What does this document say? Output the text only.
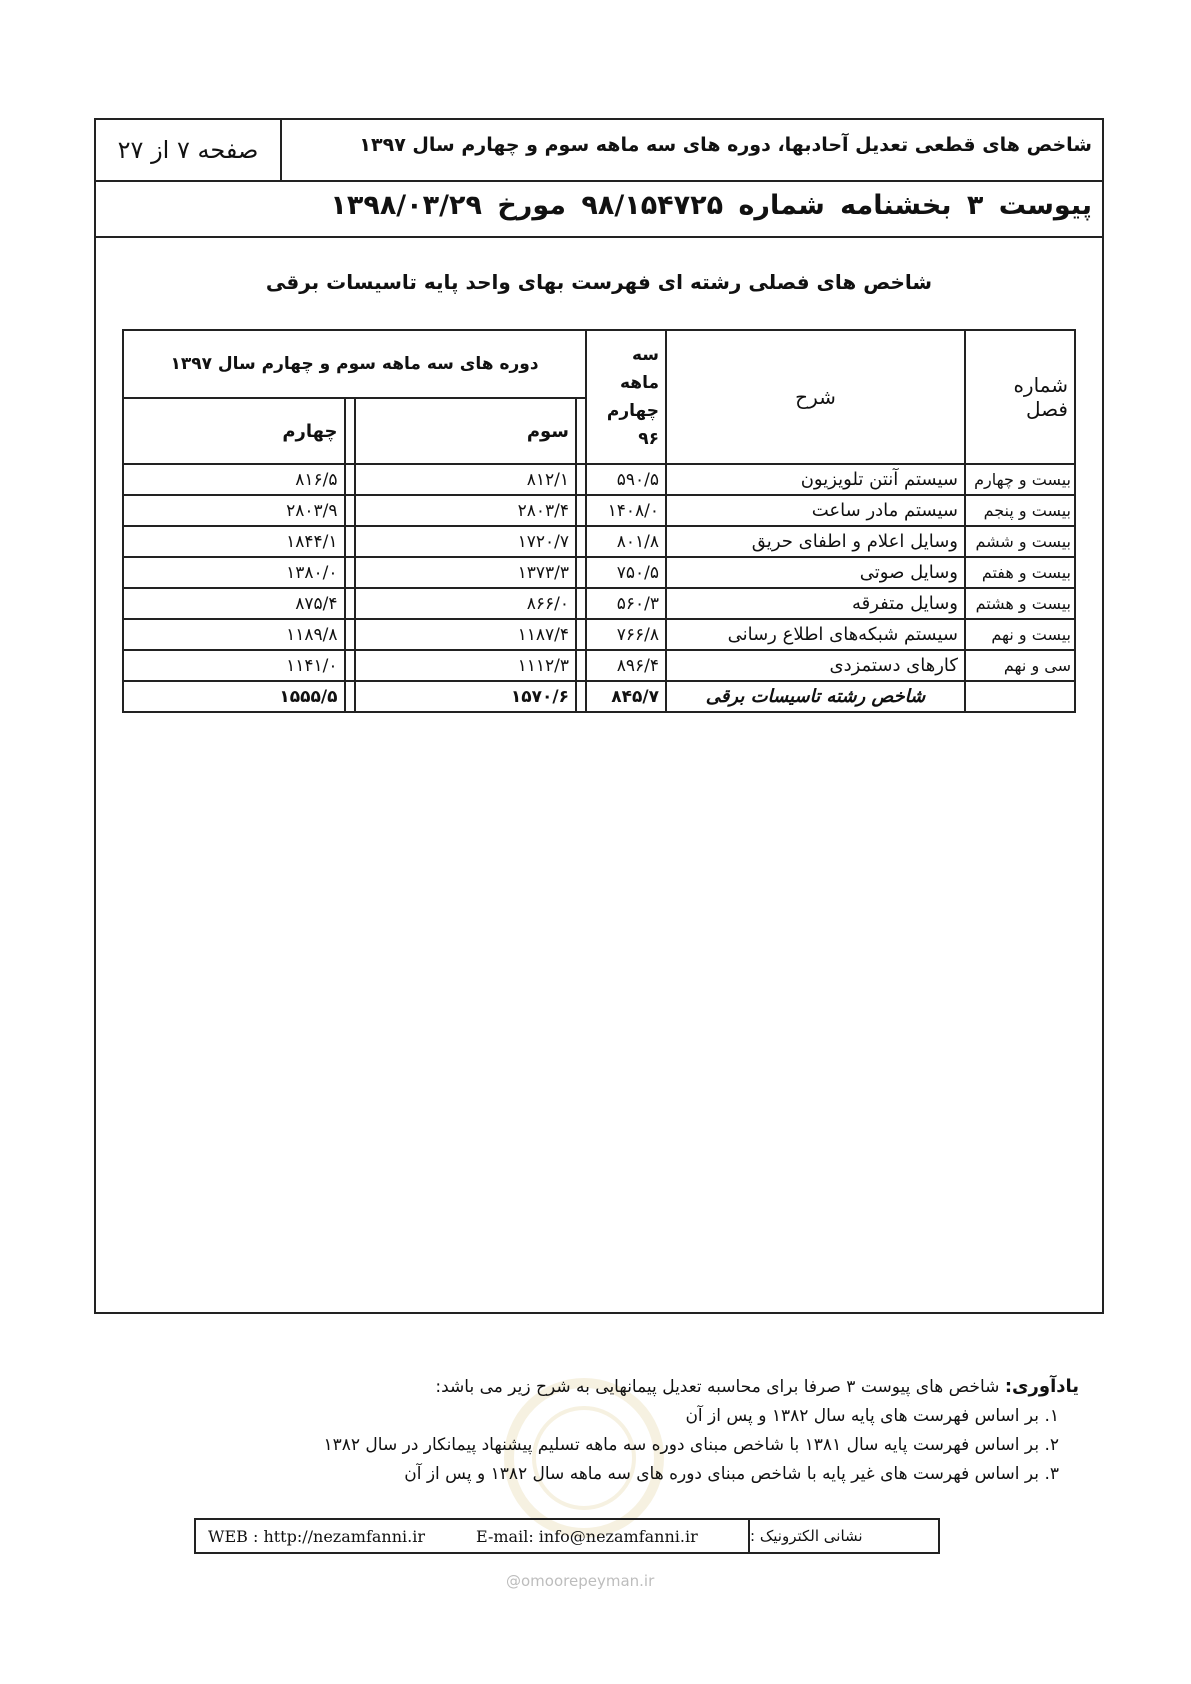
صفحه ۷ از ۲۷	شاخص های قطعی تعدیل آحادبها، دوره های سه ماهه سوم و چهارم سال ۱۳۹۷
پیوست ۳ بخشنامه شماره ۹۸/۱۵۴۷۲۵ مورخ ۱۳۹۸/۰۳/۲۹
شاخص های فصلی رشته ای فهرست بهای واحد پایه تاسیسات برقی
شماره فصل	شرح	سه ماهه چهارم ۹۶	دوره های سه ماهه سوم و چهارم سال ۱۳۹۷			
				سوم		چهارم
بیست و چهارم	سیستم آنتن تلویزیون	۵۹۰/۵		۸۱۲/۱		۸۱۶/۵
بیست و پنجم	سیستم مادر ساعت	۱۴۰۸/۰		۲۸۰۳/۴		۲۸۰۳/۹
بیست و ششم	وسایل اعلام و اطفای حریق	۸۰۱/۸		۱۷۲۰/۷		۱۸۴۴/۱
بیست و هفتم	وسایل صوتی	۷۵۰/۵		۱۳۷۳/۳		۱۳۸۰/۰
بیست و هشتم	وسایل متفرقه	۵۶۰/۳		۸۶۶/۰		۸۷۵/۴
بیست و نهم	سیستم شبکه‌های اطلاع رسانی	۷۶۶/۸		۱۱۸۷/۴		۱۱۸۹/۸
سی و نهم	کارهای دستمزدی	۸۹۶/۴		۱۱۱۲/۳		۱۱۴۱/۰
	شاخص رشته تاسیسات برقی	۸۴۵/۷		۱۵۷۰/۶		۱۵۵۵/۵
یادآوری: شاخص های پیوست ۳ صرفا برای محاسبه تعدیل پیمانهایی به شرح زیر می باشد:
۱. بر اساس فهرست های پایه سال ۱۳۸۲ و پس از آن
۲. بر اساس فهرست پایه سال ۱۳۸۱ با شاخص مبنای دوره سه ماهه تسلیم پیشنهاد پیمانکار در سال ۱۳۸۲
۳. بر اساس فهرست های غیر پایه با شاخص مبنای دوره های سه ماهه سال ۱۳۸۲ و پس از آن
نشانی الکترونیک :
E-mail: info@nezamfanni.ir
WEB : http://nezamfanni.ir
@omoorepeyman.ir
